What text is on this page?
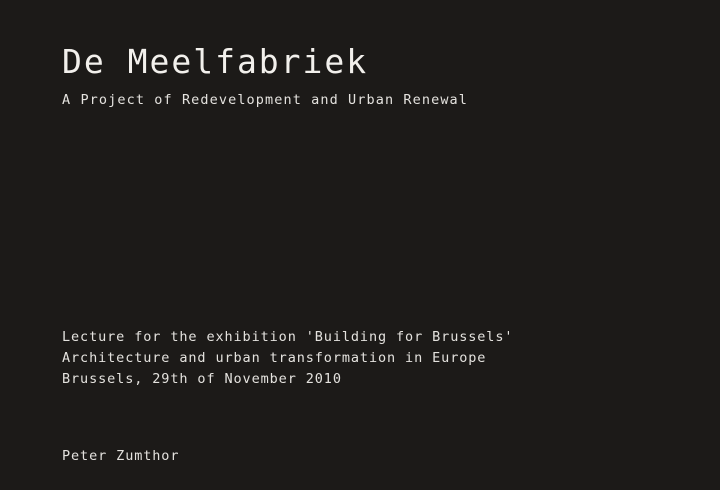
De Meelfabriek
A Project of Redevelopment and Urban Renewal
Lecture for the exhibition 'Building for Brussels'
Architecture and urban transformation in Europe
Brussels, 29th of November 2010
Peter Zumthor
